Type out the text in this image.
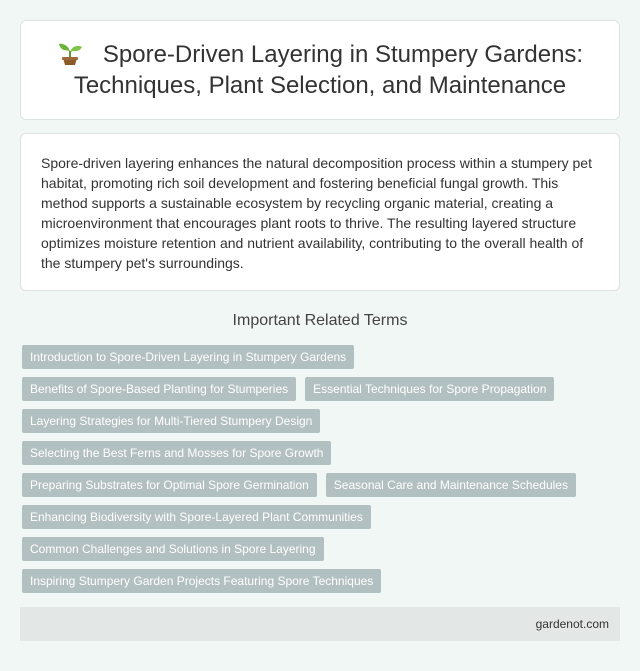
Spore-Driven Layering in Stumpery Gardens: Techniques, Plant Selection, and Maintenance

Spore-driven layering enhances the natural decomposition process within a stumpery pet habitat, promoting rich soil development and fostering beneficial fungal growth. This method supports a sustainable ecosystem by recycling organic material, creating a microenvironment that encourages plant roots to thrive. The resulting layered structure optimizes moisture retention and nutrient availability, contributing to the overall health of the stumpery pet's surroundings.

Important Related Terms
Introduction to Spore-Driven Layering in Stumpery Gardens
Benefits of Spore-Based Planting for Stumperies	Essential Techniques for Spore Propagation
Layering Strategies for Multi-Tiered Stumpery Design
Selecting the Best Ferns and Mosses for Spore Growth
Preparing Substrates for Optimal Spore Germination	Seasonal Care and Maintenance Schedules
Enhancing Biodiversity with Spore-Layered Plant Communities
Common Challenges and Solutions in Spore Layering
Inspiring Stumpery Garden Projects Featuring Spore Techniques
gardenot.com
